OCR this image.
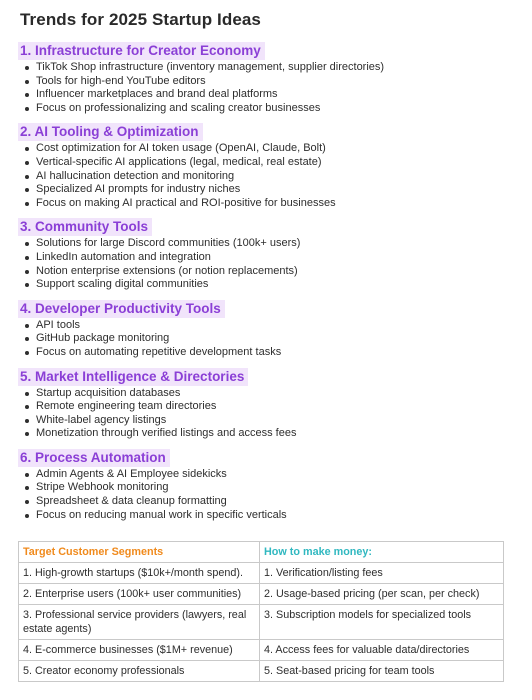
Trends for 2025 Startup Ideas
1. Infrastructure for Creator Economy
TikTok Shop infrastructure (inventory management, supplier directories)
Tools for high-end YouTube editors
Influencer marketplaces and brand deal platforms
Focus on professionalizing and scaling creator businesses
2. AI Tooling & Optimization
Cost optimization for AI token usage (OpenAI, Claude, Bolt)
Vertical-specific AI applications (legal, medical, real estate)
AI hallucination detection and monitoring
Specialized AI prompts for industry niches
Focus on making AI practical and ROI-positive for businesses
3. Community Tools
Solutions for large Discord communities (100k+ users)
LinkedIn automation and integration
Notion enterprise extensions (or notion replacements)
Support scaling digital communities
4. Developer Productivity Tools
API tools
GitHub package monitoring
Focus on automating repetitive development tasks
5. Market Intelligence & Directories
Startup acquisition databases
Remote engineering team directories
White-label agency listings
Monetization through verified listings and access fees
6. Process Automation
Admin Agents & AI Employee sidekicks
Stripe Webhook monitoring
Spreadsheet & data cleanup formatting
Focus on reducing manual work in specific verticals
Target Customer Segments	How to make money:
1. High-growth startups ($10k+/month spend).	1. Verification/listing fees
2. Enterprise users (100k+ user communities)	2. Usage-based pricing (per scan, per check)
3. Professional service providers (lawyers, real estate agents)	3. Subscription models for specialized tools
4. E-commerce businesses ($1M+ revenue)	4. Access fees for valuable data/directories
5. Creator economy professionals	5. Seat-based pricing for team tools
